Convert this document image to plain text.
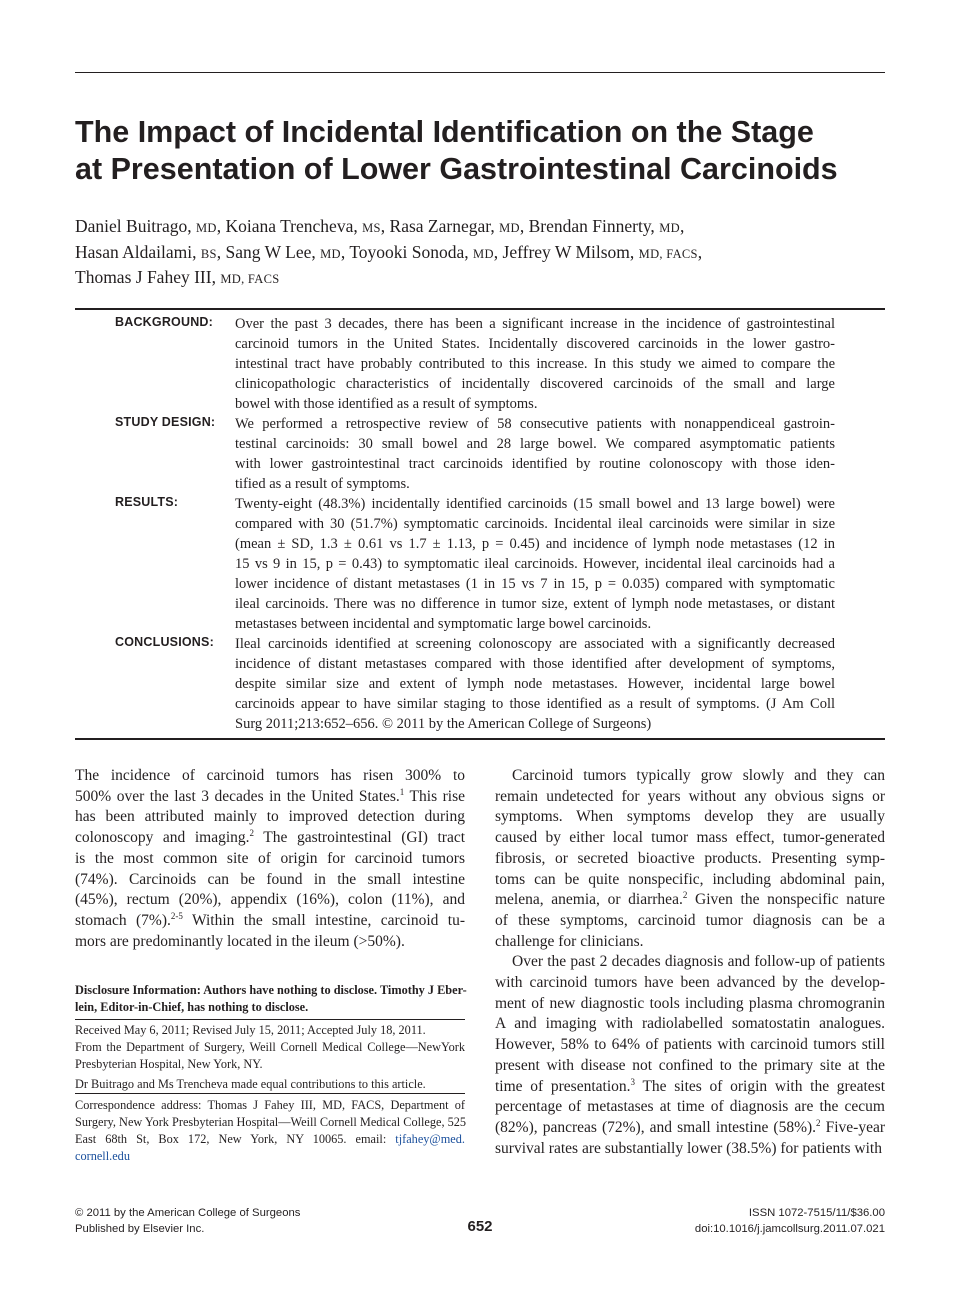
The Impact of Incidental Identification on the Stage
at Presentation of Lower Gastrointestinal Carcinoids
Daniel Buitrago, MD, Koiana Trencheva, MS, Rasa Zarnegar, MD, Brendan Finnerty, MD,
Hasan Aldailami, BS, Sang W Lee, MD, Toyooki Sonoda, MD, Jeffrey W Milsom, MD, FACS,
Thomas J Fahey III, MD, FACS
BACKGROUND: Over the past 3 decades, there has been a significant increase in the incidence of gastrointestinal
carcinoid tumors in the United States. Incidentally discovered carcinoids in the lower gastro-
intestinal tract have probably contributed to this increase. In this study we aimed to compare the
clinicopathologic characteristics of incidentally discovered carcinoids of the small and large
bowel with those identified as a result of symptoms.
STUDY DESIGN: We performed a retrospective review of 58 consecutive patients with nonappendiceal gastroin-
testinal carcinoids: 30 small bowel and 28 large bowel. We compared asymptomatic patients
with lower gastrointestinal tract carcinoids identified by routine colonoscopy with those iden-
tified as a result of symptoms.
RESULTS:	Twenty-eight (48.3%) incidentally identified carcinoids (15 small bowel and 13 large bowel) were
compared with 30 (51.7%) symptomatic carcinoids. Incidental ileal carcinoids were similar in size
(mean ± SD, 1.3 ± 0.61 vs 1.7 ± 1.13, p = 0.45) and incidence of lymph node metastases (12 in
15 vs 9 in 15, p = 0.43) to symptomatic ileal carcinoids. However, incidental ileal carcinoids had a
lower incidence of distant metastases (1 in 15 vs 7 in 15, p = 0.035) compared with symptomatic
ileal carcinoids. There was no difference in tumor size, extent of lymph node metastases, or distant
metastases between incidental and symptomatic large bowel carcinoids.
CONCLUSIONS: Ileal carcinoids identified at screening colonoscopy are associated with a significantly decreased
incidence of distant metastases compared with those identified after development of symptoms,
despite similar size and extent of lymph node metastases. However, incidental large bowel
carcinoids appear to have similar staging to those identified as a result of symptoms. (J Am Coll
Surg 2011;213:652–656. © 2011 by the American College of Surgeons)
The incidence of carcinoid tumors has risen 300% to
500% over the last 3 decades in the United States.$^1$ This rise
has been attributed mainly to improved detection during
colonoscopy and imaging.$^2$ The gastrointestinal (GI) tract
is the most common site of origin for carcinoid tumors
(74%). Carcinoids can be found in the small intestine
(45%), rectum (20%), appendix (16%), colon (11%), and
stomach (7%).$^{2-5}$ Within the small intestine, carcinoid tu-
mors are predominantly located in the ileum (>50%).
Disclosure Information: Authors have nothing to disclose. Timothy J Eber-
lein, Editor-in-Chief, has nothing to disclose.
Received May 6, 2011; Revised July 15, 2011; Accepted July 18, 2011.
From the Department of Surgery, Weill Cornell Medical College—NewYork
Presbyterian Hospital, New York, NY.
Dr Buitrago and Ms Trencheva made equal contributions to this article.
Correspondence address: Thomas J Fahey III, MD, FACS, Department of
Surgery, New York Presbyterian Hospital—Weill Cornell Medical College, 525
East 68th St, Box 172, New York, NY 10065. email: tjfahey@med.
cornell.edu
Carcinoid tumors typically grow slowly and they can
remain undetected for years without any obvious signs or
symptoms. When symptoms develop they are usually
caused by either local tumor mass effect, tumor-generated
fibrosis, or secreted bioactive products. Presenting symp-
toms can be quite nonspecific, including abdominal pain,
melena, anemia, or diarrhea.$^2$ Given the nonspecific nature
of these symptoms, carcinoid tumor diagnosis can be a
challenge for clinicians.
Over the past 2 decades diagnosis and follow-up of patients
with carcinoid tumors have been advanced by the develop-
ment of new diagnostic tools including plasma chromogranin
A and imaging with radiolabelled somatostatin analogues.
However, 58% to 64% of patients with carcinoid tumors still
present with disease not confined to the primary site at the
time of presentation.$^3$ The sites of origin with the greatest
percentage of metastases at time of diagnosis are the cecum
(82%), pancreas (72%), and small intestine (58%).$^2$ Five-year
survival rates are substantially lower (38.5%) for patients with
© 2011 by the American College of Surgeons
Published by Elsevier Inc.	652
ISSN 1072-7515/11/$36.00
doi:10.1016/j.jamcollsurg.2011.07.021
